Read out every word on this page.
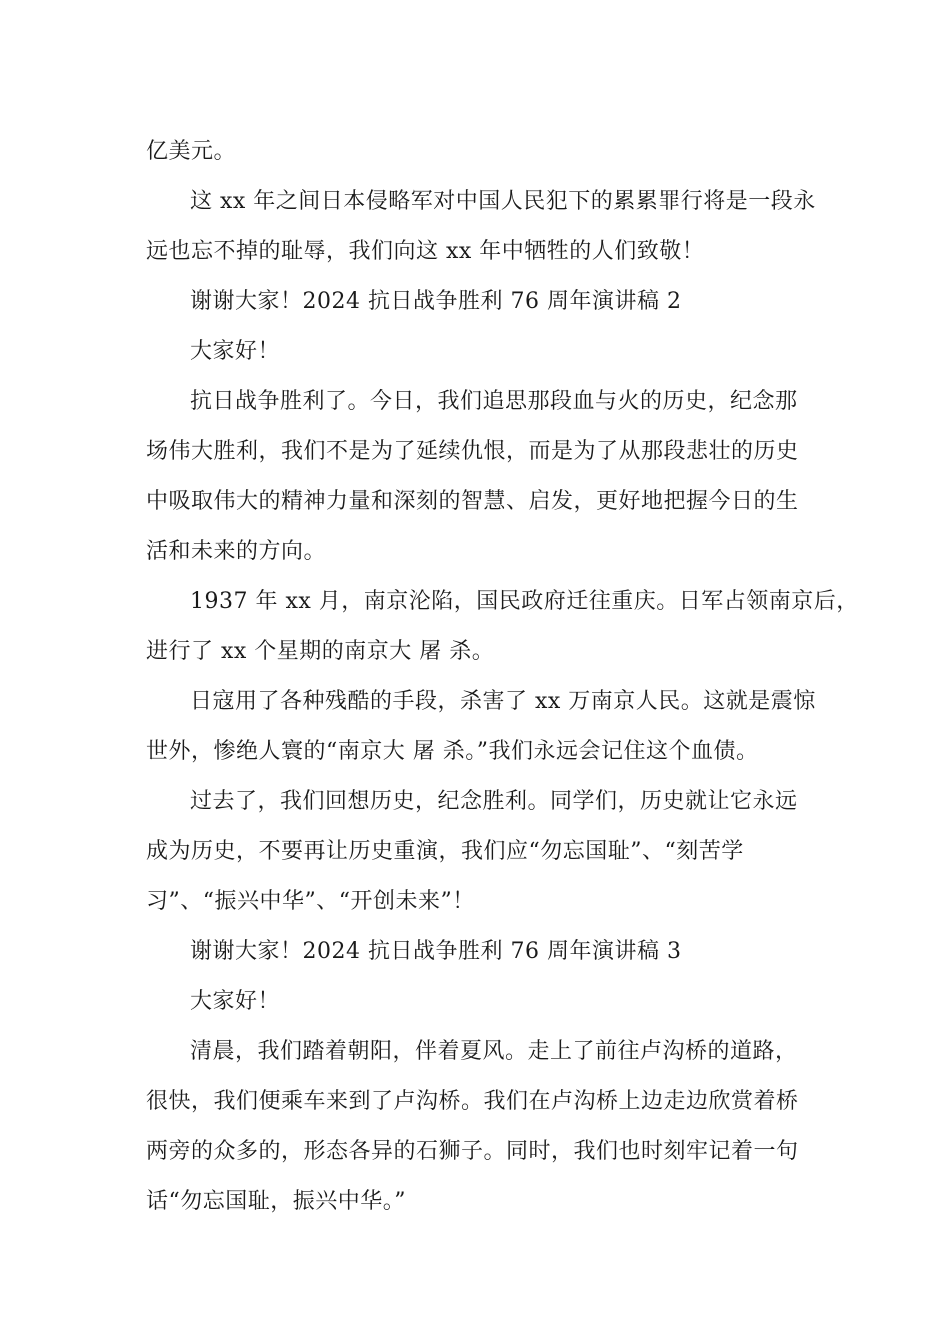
亿美元。
这 xx 年之间日本侵略军对中国人民犯下的累累罪行将是一段永
远也忘不掉的耻辱，我们向这 xx 年中牺牲的人们致敬！
谢谢大家！2024 抗日战争胜利 76 周年演讲稿 2
大家好！
抗日战争胜利了。今日，我们追思那段血与火的历史，纪念那
场伟大胜利，我们不是为了延续仇恨，而是为了从那段悲壮的历史
中吸取伟大的精神力量和深刻的智慧、启发，更好地把握今日的生
活和未来的方向。
1937 年 xx 月，南京沦陷，国民政府迁往重庆。日军占领南京后，
进行了 xx 个星期的南京大 屠 杀。
日寇用了各种残酷的手段，杀害了 xx 万南京人民。这就是震惊
世外，惨绝人寰的“南京大 屠 杀。”我们永远会记住这个血债。
过去了，我们回想历史，纪念胜利。同学们，历史就让它永远
成为历史，不要再让历史重演，我们应“勿忘国耻”、“刻苦学
习”、“振兴中华”、“开创未来”！
谢谢大家！2024 抗日战争胜利 76 周年演讲稿 3
大家好！
清晨，我们踏着朝阳，伴着夏风。走上了前往卢沟桥的道路，
很快，我们便乘车来到了卢沟桥。我们在卢沟桥上边走边欣赏着桥
两旁的众多的，形态各异的石狮子。同时，我们也时刻牢记着一句
话“勿忘国耻，振兴中华。”
